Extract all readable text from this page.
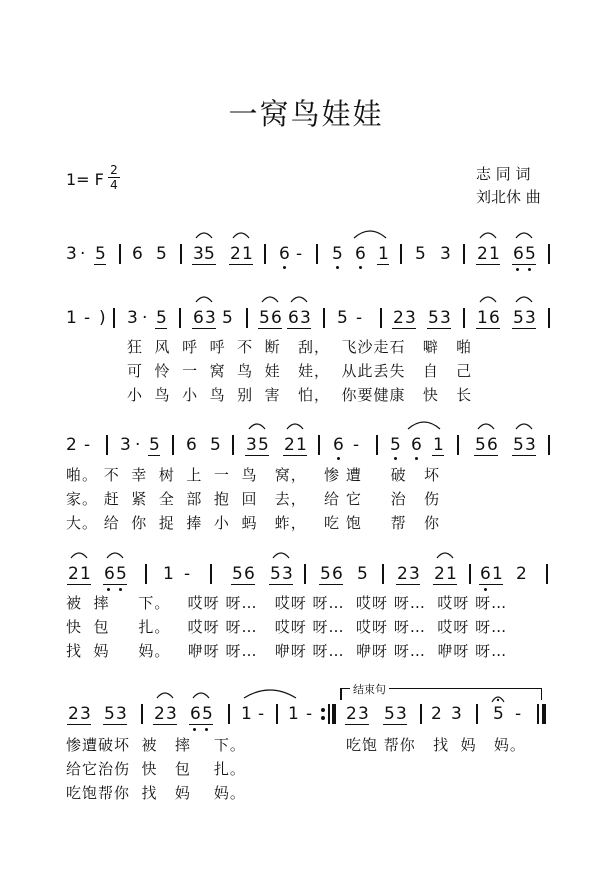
一窝鸟娃娃
1= F 2
4
志 同 词
刘北休 曲
3 · 5 6 5 3 5 2 1 6 - 5 6 1 5 3 2 1 6 5
1 - ) 3 · 5 6 3 5 5 6 6 3 5 - 2 3 5 3 1 6 5 3
狂  风  呼  呼  不  断   刮，  飞沙走石   噼   啪
可  怜  一  窝  鸟  娃   娃，  从此丢失   自   己
小  鸟  小  鸟  别  害   怕，  你要健康   快   长
2 - 3 · 5 6 5 3 5 2 1 6 - 5 6 1 5 6 5 3
啪。 不  幸  树  上  一  鸟   窝，   惨 遭     破   坏
家。 赶  紧  全  部  抱  回   去，   给 它     治   伤
大。 给  你  捉  捧  小  蚂   蚱，   吃 饱     帮   你
2 1 6 5 1 - 5 6 5 3 5 6 5 2 3 2 1 6 1 2
被  摔     下。   哎呀 呀…   哎呀 呀…  哎呀 呀…  哎呀 呀…
快  包     扎。   哎呀 呀…   哎呀 呀…  哎呀 呀…  哎呀 呀…
找  妈     妈。   咿呀 呀…   咿呀 呀…  咿呀 呀…  咿呀 呀…
2 3 5 3 2 3 6 5 1 - 1 - 2 3 5 3 2 3 5 -
结束句
惨遭破坏  被   摔    下。
给它治伤  快   包    扎。
吃饱帮你  找   妈    妈。
吃饱 帮你   找  妈   妈。
